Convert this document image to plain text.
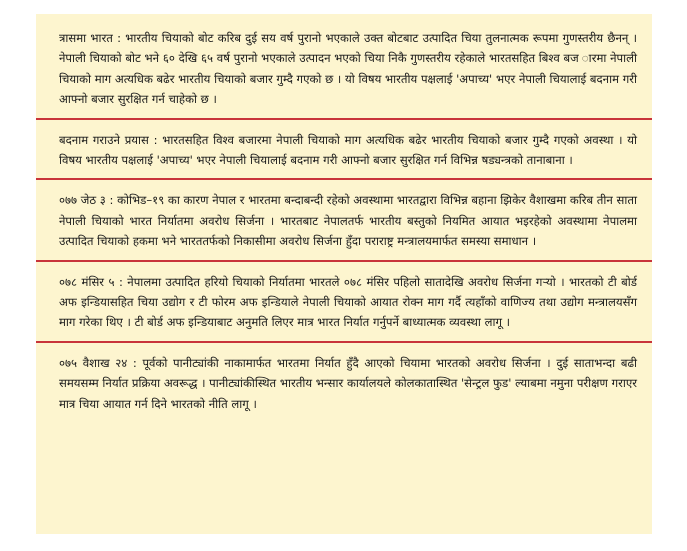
त्रासमा भारत : भारतीय चियाको बोट करिब दुई सय वर्ष पुरानो भएकाले उक्त बोटबाट उत्पादित चिया तुलनात्मक रूपमा गुणस्तरीय छैनन् । नेपाली चियाको बोट भने ६० देखि ६५ वर्ष पुरानो भएकाले उत्पादन भएको चिया निकै गुणस्तरीय रहेकाले भारतसहित बिश्व बज ारमा नेपाली चियाको माग अत्यधिक बढेर भारतीय चियाको बजार गुम्दै गएको छ । यो विषय भारतीय पक्षलाई 'अपाच्य' भएर नेपाली चियालाई बदनाम गरी आफ्नो बजार सुरक्षित गर्न चाहेको छ ।
बदनाम गराउने प्रयास : भारतसहित विश्व बजारमा नेपाली चियाको माग अत्यधिक बढेर भारतीय चियाको बजार गुम्दै गएको अवस्था । यो विषय भारतीय पक्षलाई 'अपाच्य' भएर नेपाली चियालाई बदनाम गरी आफ्नो बजार सुरक्षित गर्न विभिन्न षड्यन्त्रको तानाबाना ।
०७७ जेठ ३ : कोभिड–१९ का कारण नेपाल र भारतमा बन्दाबन्दी रहेको अवस्थामा भारतद्वारा विभिन्न बहाना झिकेर वैशाखमा करिब तीन साता नेपाली चियाको भारत निर्यातमा अवरोध सिर्जना । भारतबाट नेपालतर्फ भारतीय बस्तुको नियमित आयात भइरहेको अवस्थामा नेपालमा उत्पादित चियाको हकमा भने भारततर्फको निकासीमा अवरोध सिर्जना हुँदा पराराष्ट्र मन्त्रालयमार्फत समस्या समाधान ।
०७८ मंसिर ५ : नेपालमा उत्पादित हरियो चियाको निर्यातमा भारतले ०७८ मंसिर पहिलो सातादेखि अवरोध सिर्जना गऱ्यो । भारतको टी बोर्ड अफ इन्डियासहित चिया उद्योग र टी फोरम अफ इन्डियाले नेपाली चियाको आयात रोक्न माग गर्दै त्यहाँको वाणिज्य तथा उद्योग मन्त्रालयसँग माग गरेका थिए । टी बोर्ड अफ इन्डियाबाट अनुमति लिएर मात्र भारत निर्यात गर्नुपर्ने बाध्यात्मक व्यवस्था लागू ।
०७५ वैशाख २४ : पूर्वको पानीट्यांकी नाकामार्फत भारतमा निर्यात हुँदै आएको चियामा भारतको अवरोध सिर्जना । दुई साताभन्दा बढी समयसम्म निर्यात प्रक्रिया अवरूद्ध । पानीट्यांकीस्थित भारतीय भन्सार कार्यालयले कोलकातास्थित 'सेन्ट्रल फुड' ल्याबमा नमुना परीक्षण गराएर मात्र चिया आयात गर्न दिने भारतको नीति लागू ।
